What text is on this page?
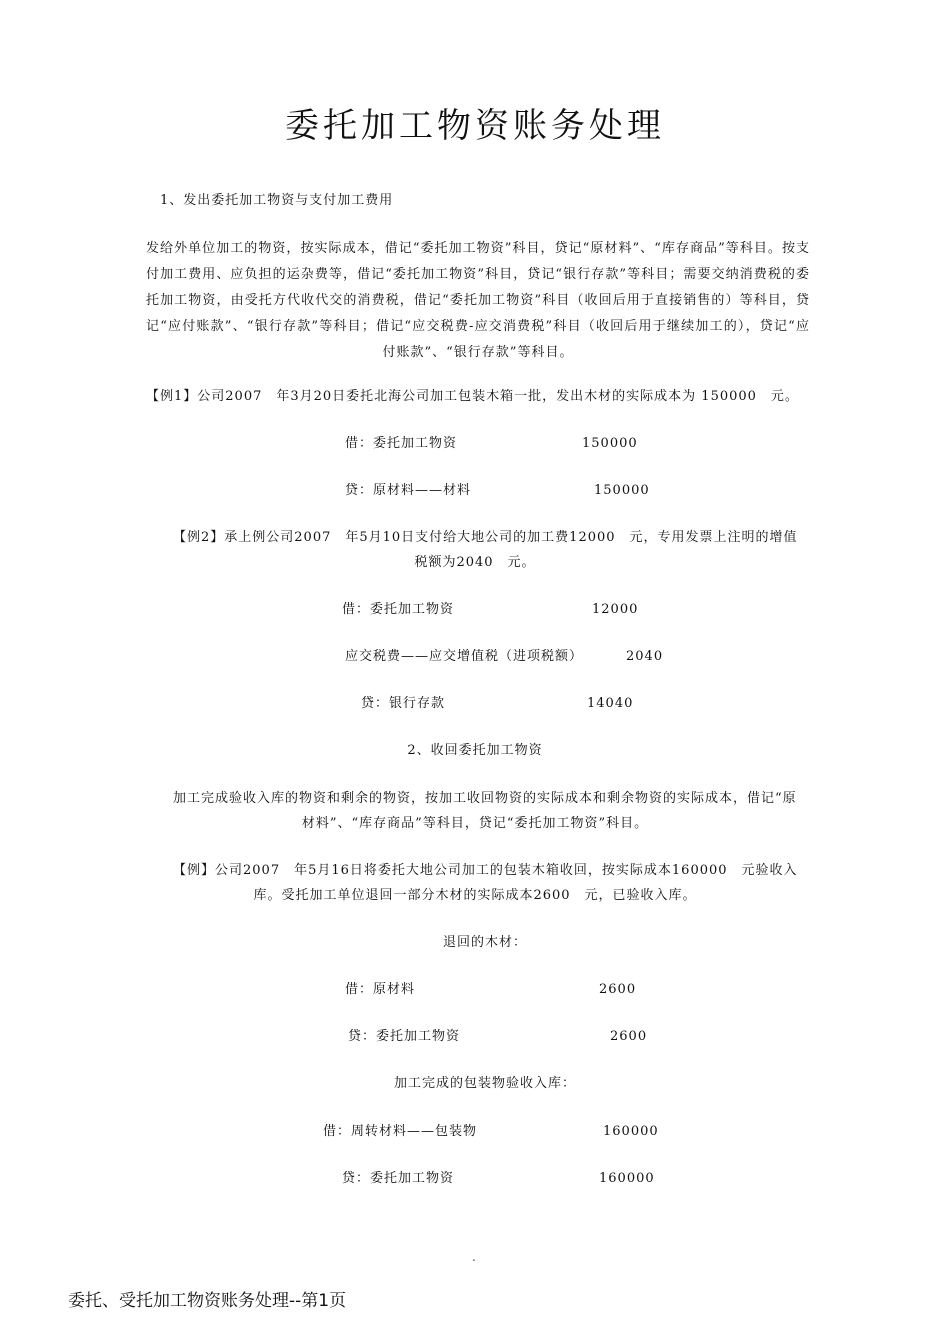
委托加工物资账务处理
1、发出委托加工物资与支付加工费用
发给外单位加工的物资，按实际成本，借记“委托加工物资”科目，贷记“原材料”、“库存商品”等科目。按支付加工费用、应负担的运杂费等，借记“委托加工物资”科目，贷记“银行存款”等科目；需要交纳消费税的委托加工物资，由受托方代收代交的消费税，借记“委托加工物资”科目（收回后用于直接销售的）等科目，贷记“应付账款”、“银行存款”等科目；借记“应交税费-应交消费税”科目（收回后用于继续加工的），贷记“应付账款”、“银行存款”等科目。
【例1】公司2007　年3月20日委托北海公司加工包装木箱一批，发出木材的实际成本为 150000　元。
借：委托加工物资	150000
贷：原材料——材料	150000
【例2】承上例公司2007　年5月10日支付给大地公司的加工费12000　元，专用发票上注明的增值
税额为2040　元。
借：委托加工物资	12000
应交税费——应交增值税（进项税额）	2040
贷：银行存款	14040
2、收回委托加工物资
加工完成验收入库的物资和剩余的物资，按加工收回物资的实际成本和剩余物资的实际成本，借记“原
材料”、“库存商品”等科目，贷记“委托加工物资”科目。
【例】公司2007　年5月16日将委托大地公司加工的包装木箱收回，按实际成本160000　元验收入
库。受托加工单位退回一部分木材的实际成本2600　元，已验收入库。
退回的木材：
借：原材料	2600
贷：委托加工物资	2600
加工完成的包装物验收入库：
借：周转材料——包装物	160000
贷：委托加工物资	160000
.
委托、受托加工物资账务处理--第1页
